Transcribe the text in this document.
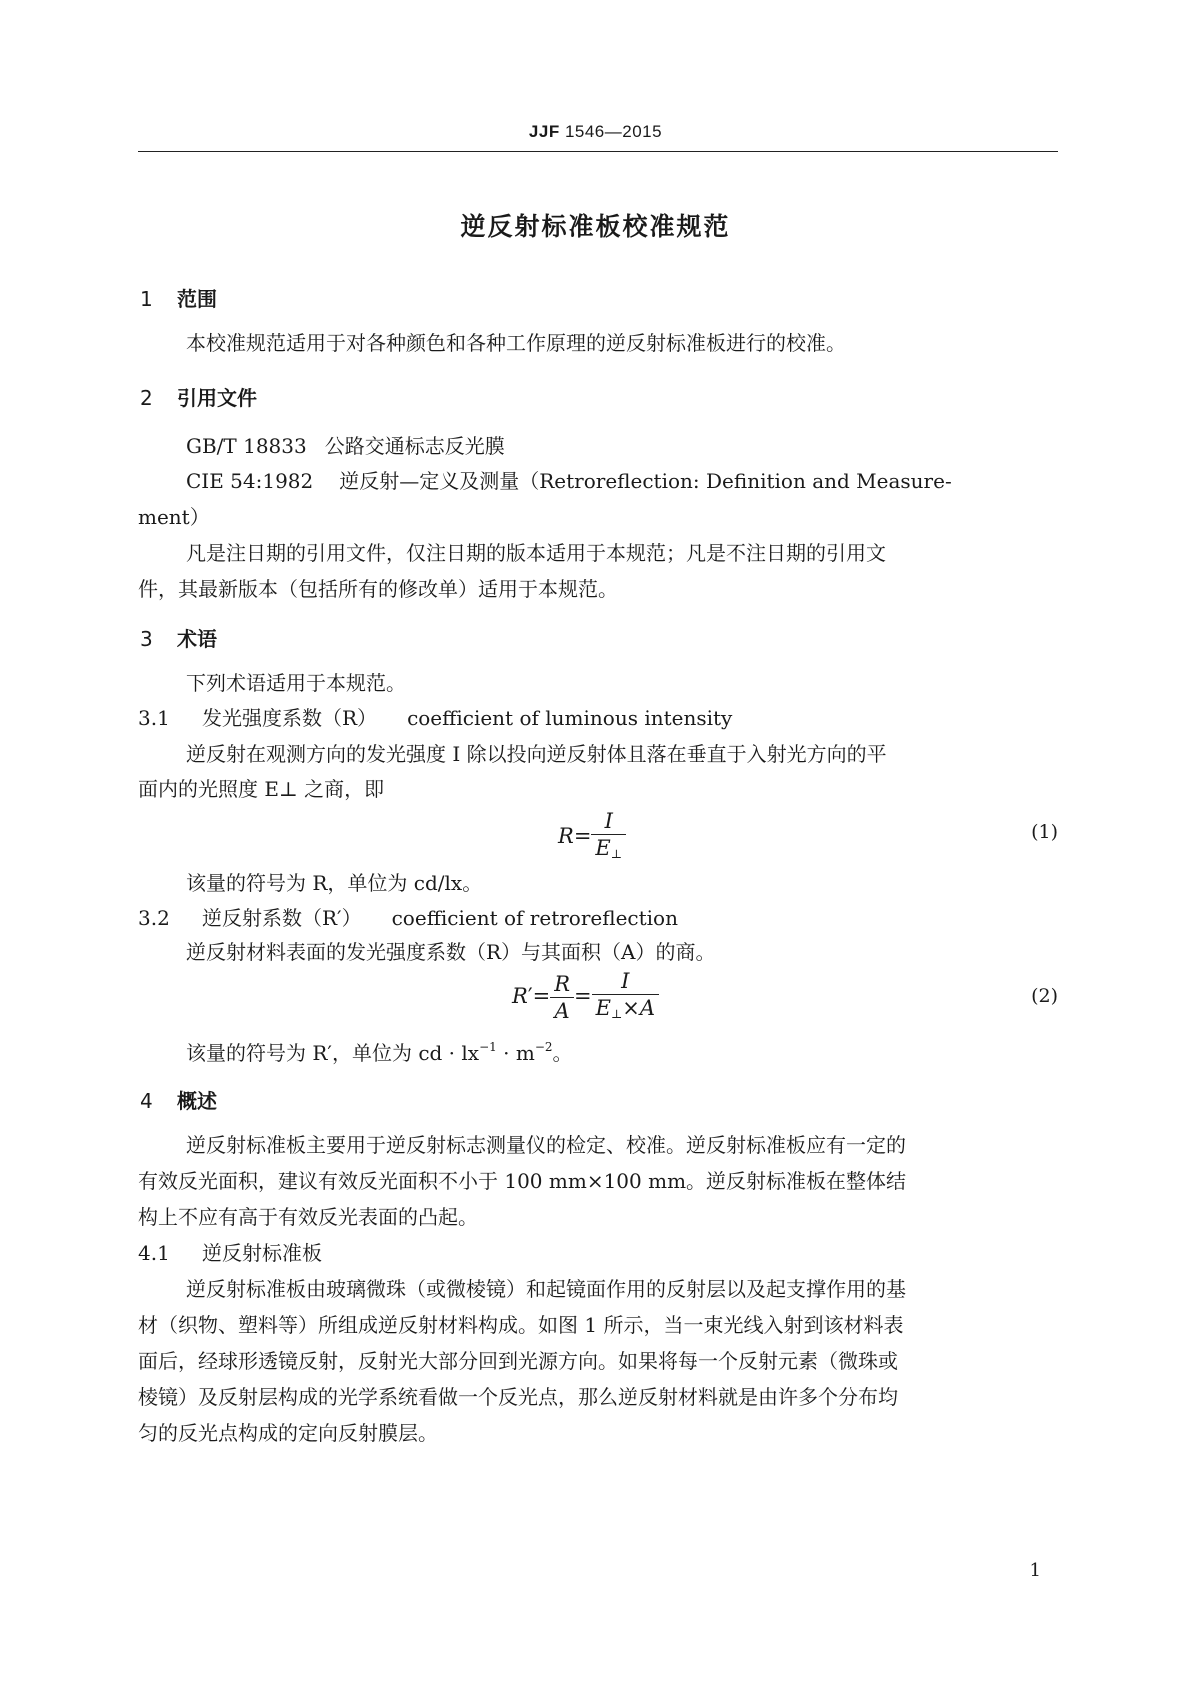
JJF 1546—2015
逆反射标准板校准规范
1 范围
本校准规范适用于对各种颜色和各种工作原理的逆反射标准板进行的校准。
2 引用文件
GB/T 18833 公路交通标志反光膜
CIE 54:1982 逆反射—定义及测量（Retroreflection: Definition and Measure-
ment）
凡是注日期的引用文件，仅注日期的版本适用于本规范；凡是不注日期的引用文
件，其最新版本（包括所有的修改单）适用于本规范。
3 术语
下列术语适用于本规范。
3.1 发光强度系数（R） coefficient of luminous intensity
逆反射在观测方向的发光强度 I 除以投向逆反射体且落在垂直于入射光方向的平
面内的光照度 E⊥ 之商，即
$R= \frac{I}{E\perp}$	(1)
该量的符号为 R，单位为 cd/lx。
3.2 逆反射系数（R′） coefficient of retroreflection
逆反射材料表面的发光强度系数（R）与其面积（A）的商。
$R'= \frac{R}{A} = \frac{I}{E\perp\times A}$	(2)
该量的符号为 R′，单位为 cd · $lx^{-1} \cdot m^{-2}$。
4 概述
逆反射标准板主要用于逆反射标志测量仪的检定、校准。逆反射标准板应有一定的
有效反光面积，建议有效反光面积不小于 100 mm×100 mm。逆反射标准板在整体结
构上不应有高于有效反光表面的凸起。
4.1 逆反射标准板
逆反射标准板由玻璃微珠（或微棱镜）和起镜面作用的反射层以及起支撑作用的基
材（织物、塑料等）所组成逆反射材料构成。如图 1 所示，当一束光线入射到该材料表
面后，经球形透镜反射，反射光大部分回到光源方向。如果将每一个反射元素（微珠或
棱镜）及反射层构成的光学系统看做一个反光点，那么逆反射材料就是由许多个分布均
匀的反光点构成的定向反射膜层。
1
